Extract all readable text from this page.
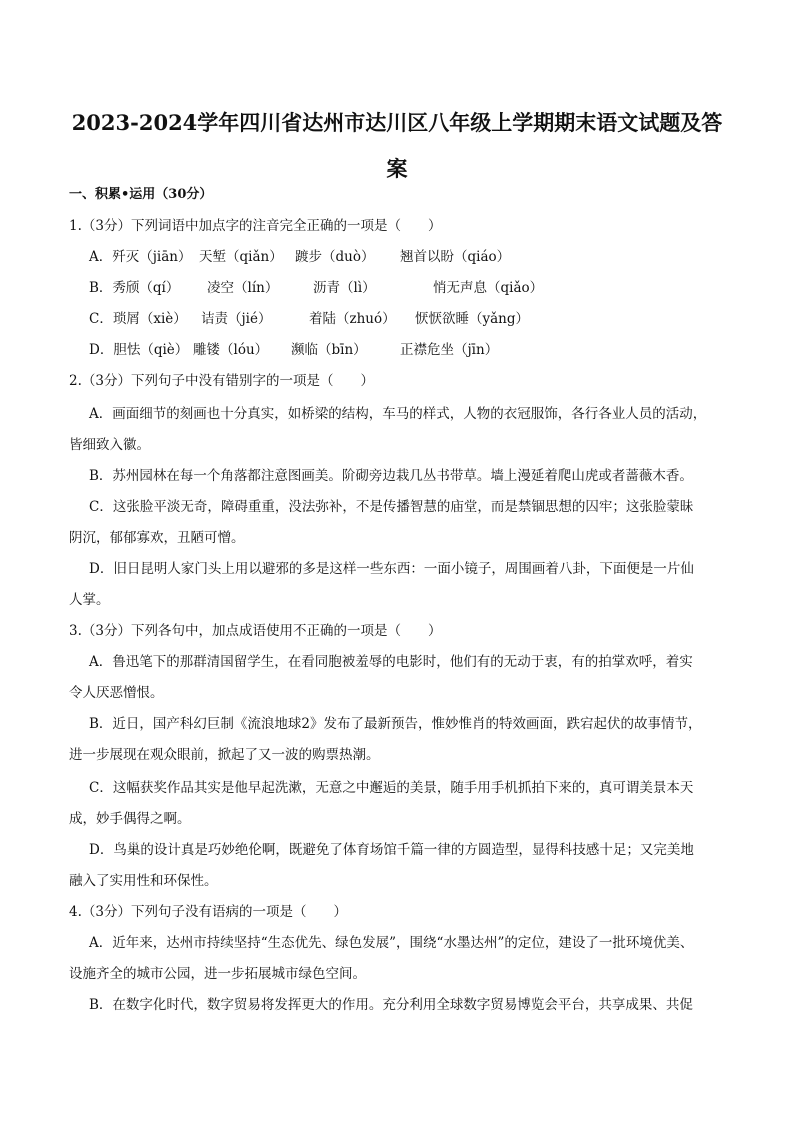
2023-2024学年四川省达州市达川区八年级上学期期末语文试题及答
案
一、积累•运用（30分）
1.（3分）下列词语中加点字的注音完全正确的一项是（　　）
A．歼灭（jiān） 天堑（qiǎn） 踱步（duò） 翘首以盼（qiáo）
B．秀颀（qí） 凌空（lín）	沥青（lì）	悄无声息（qiǎo）
C．琐屑（xiè） 诘责（jié）	着陆（zhuó） 恹恹欲睡（yǎng）
D．胆怯（qiè） 雕镂（lóu） 濒临（bīn） 正襟危坐（jīn）
2.（3分）下列句子中没有错别字的一项是（　　）
A．画面细节的刻画也十分真实，如桥梁的结构，车马的样式，人物的衣冠服饰，各行各业人员的活动，
皆细致入徽。
B．苏州园林在每一个角落都注意图画美。阶砌旁边栽几丛书带草。墙上漫延着爬山虎或者蔷薇木香。
C．这张脸平淡无奇，障碍重重，没法弥补，不是传播智慧的庙堂，而是禁锢思想的囚牢；这张脸蒙昧
阴沉，郁郁寡欢，丑陋可憎。
D．旧日昆明人家门头上用以避邪的多是这样一些东西：一面小镜子，周围画着八卦，下面便是一片仙
人掌。
3.（3分）下列各句中，加点成语使用不正确的一项是（　　）
A．鲁迅笔下的那群清国留学生，在看同胞被羞辱的电影时，他们有的无动于衷，有的拍掌欢呼，着实
令人厌恶憎恨。
B．近日，国产科幻巨制《流浪地球2》发布了最新预告，惟妙惟肖的特效画面，跌宕起伏的故事情节，
进一步展现在观众眼前，掀起了又一波的购票热潮。
C．这幅获奖作品其实是他早起洗漱，无意之中邂逅的美景，随手用手机抓拍下来的，真可谓美景本天
成，妙手偶得之啊。
D．鸟巢的设计真是巧妙绝伦啊，既避免了体育场馆千篇一律的方圆造型，显得科技感十足；又完美地
融入了实用性和环保性。
4.（3分）下列句子没有语病的一项是（　　）
A．近年来，达州市持续坚持“生态优先、绿色发展”，围绕“水墨达州”的定位，建设了一批环境优美、
设施齐全的城市公园，进一步拓展城市绿色空间。
B．在数字化时代，数字贸易将发挥更大的作用。充分利用全球数字贸易博览会平台，共享成果、共促
